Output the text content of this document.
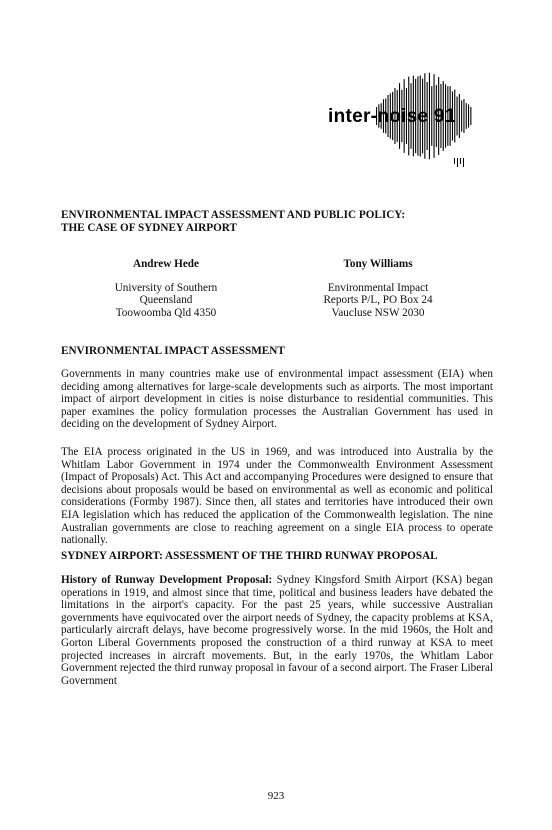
inter-noise 91
ENVIRONMENTAL IMPACT ASSESSMENT AND PUBLIC POLICY:
THE CASE OF SYDNEY AIRPORT
Andrew Hede
University of Southern
Queensland
Toowoomba Qld 4350
Tony Williams
Environmental Impact
Reports P/L, PO Box 24
Vaucluse NSW 2030
ENVIRONMENTAL IMPACT ASSESSMENT

Governments in many countries make use of environmental impact assessment (EIA) when deciding among alternatives for large-scale developments such as airports. The most important impact of airport development in cities is noise disturbance to residential communities. This paper examines the policy formulation processes the Australian Government has used in deciding on the development of Sydney Airport.

The EIA process originated in the US in 1969, and was introduced into Australia by the Whitlam Labor Government in 1974 under the Commonwealth Environment Assessment (Impact of Proposals) Act. This Act and accompanying Procedures were designed to ensure that decisions about proposals would be based on environmental as well as economic and political considerations (Formby 1987). Since then, all states and territories have introduced their own EIA legislation which has reduced the application of the Commonwealth legislation. The nine Australian governments are close to reaching agreement on a single EIA process to operate nationally.

SYDNEY AIRPORT: ASSESSMENT OF THE THIRD RUNWAY PROPOSAL

History of Runway Development Proposal: Sydney Kingsford Smith Airport (KSA) began operations in 1919, and almost since that time, political and business leaders have debated the limitations in the airport's capacity. For the past 25 years, while successive Australian governments have equivocated over the airport needs of Sydney, the capacity problems at KSA, particularly aircraft delays, have become progressively worse. In the mid 1960s, the Holt and Gorton Liberal Governments proposed the construction of a third runway at KSA to meet projected increases in aircraft movements. But, in the early 1970s, the Whitlam Labor Government rejected the third runway proposal in favour of a second airport. The Fraser Liberal Government

923
